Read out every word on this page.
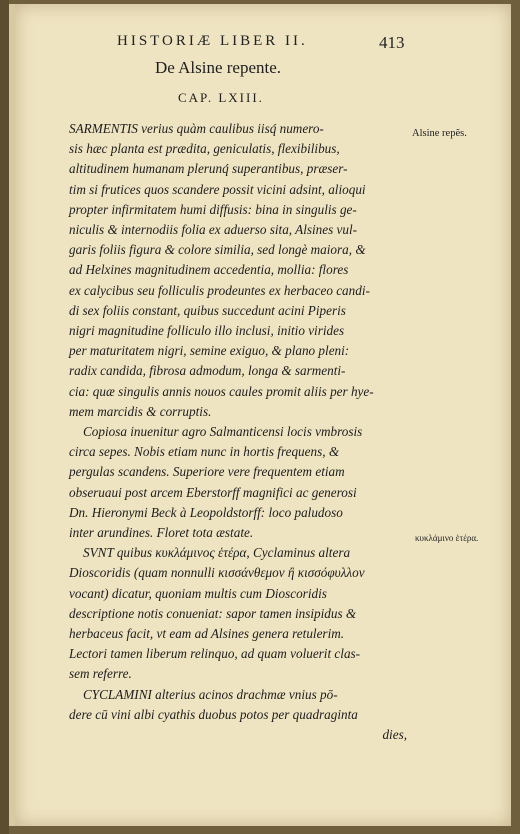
HISTORIÆ LIBER II.	413
De Alsine repente.
CAP. LXIII.
Alsine repẽs.
κυκλάμινο ἑτέρα.

SARMENTIS verius quàm caulibus iisq́ numero-
sis hæc planta est prædita, geniculatis, flexibilibus,
altitudinem humanam plerunq́ superantibus, præser-
tim si frutices quos scandere possit vicini adsint, alioqui
propter infirmitatem humi diffusis: bina in singulis ge-
niculis & internodiis folia ex aduerso sita, Alsines vul-
garis foliis figura & colore similia, sed longè maiora, &
ad Helxines magnitudinem accedentia, mollia: flores
ex calycibus seu folliculis prodeuntes ex herbaceo candi-
di sex foliis constant, quibus succedunt acini Piperis
nigri magnitudine folliculo illo inclusi, initio virides
per maturitatem nigri, semine exiguo, & plano pleni:
radix candida, fibrosa admodum, longa & sarmenti-
cia: quæ singulis annis nouos caules promit aliis per hye-
mem marcidis & corruptis.

Copiosa inuenitur agro Salmanticensi locis vmbrosis
circa sepes. Nobis etiam nunc in hortis frequens, &
pergulas scandens. Superiore vere frequentem etiam
obseruaui post arcem Eberstorff magnifici ac generosi
Dn. Hieronymi Beck à Leopoldstorff: loco paludoso
inter arundines. Floret tota æstate.

SVNT quibus κυκλάμινος ἑτέρα, Cyclaminus altera
Dioscoridis (quam nonnulli κισσάνθεμον ἢ κισσόφυλλον
vocant) dicatur, quoniam multis cum Dioscoridis
descriptione notis conueniat: sapor tamen insipidus &
herbaceus facit, vt eam ad Alsines genera retulerim.
Lectori tamen liberum relinquo, ad quam voluerit clas-
sem referre.

CYCLAMINI alterius acinos drachmæ vnius pō-
dere cū vini albi cyathis duobus potos per quadraginta
dies,
